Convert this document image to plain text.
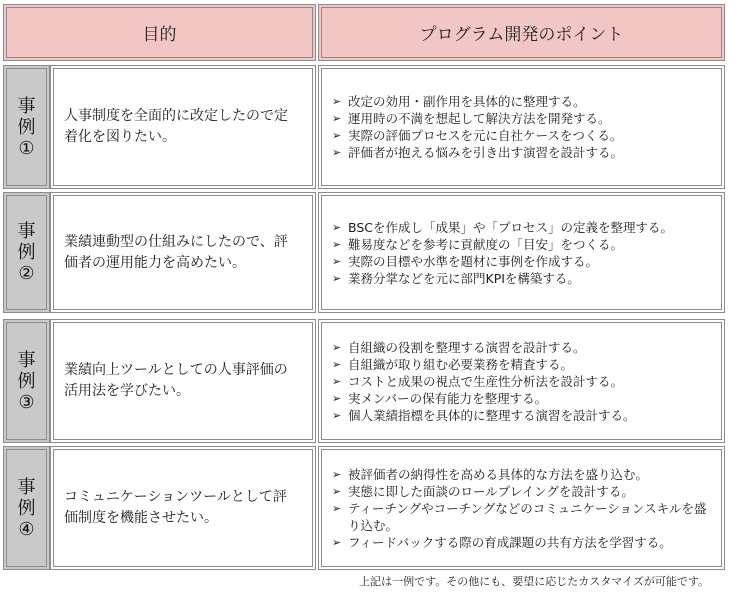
目的	プログラム開発のポイント
事
例
①
人事制度を全面的に改定したので定着化を図りたい。
➢ 改定の効用・副作用を具体的に整理する。
➢ 運用時の不満を想起して解決方法を開発する。
➢ 実際の評価プロセスを元に自社ケースをつくる。
➢ 評価者が抱える悩みを引き出す演習を設計する。
事
例
②
業績連動型の仕組みにしたので、評価者の運用能力を高めたい。
➢ BSCを作成し「成果」や「プロセス」の定義を整理する。
➢ 難易度などを参考に貢献度の「目安」をつくる。
➢ 実際の目標や水準を題材に事例を作成する。
➢ 業務分掌などを元に部門KPIを構築する。
事
例
③
業績向上ツールとしての人事評価の活用法を学びたい。
➢ 自組織の役割を整理する演習を設計する。
➢ 自組織が取り組む必要業務を精査する。
➢ コストと成果の視点で生産性分析法を設計する。
➢ 実メンバーの保有能力を整理する。
➢ 個人業績指標を具体的に整理する演習を設計する。
事
例
④
コミュニケーションツールとして評価制度を機能させたい。
➢ 被評価者の納得性を高める具体的な方法を盛り込む。
➢ 実態に即した面談のロールプレイングを設計する。
➢ ティーチングやコーチングなどのコミュニケーションスキルを盛り込む。
➢ フィードバックする際の育成課題の共有方法を学習する。
上記は一例です。その他にも、要望に応じたカスタマイズが可能です。
